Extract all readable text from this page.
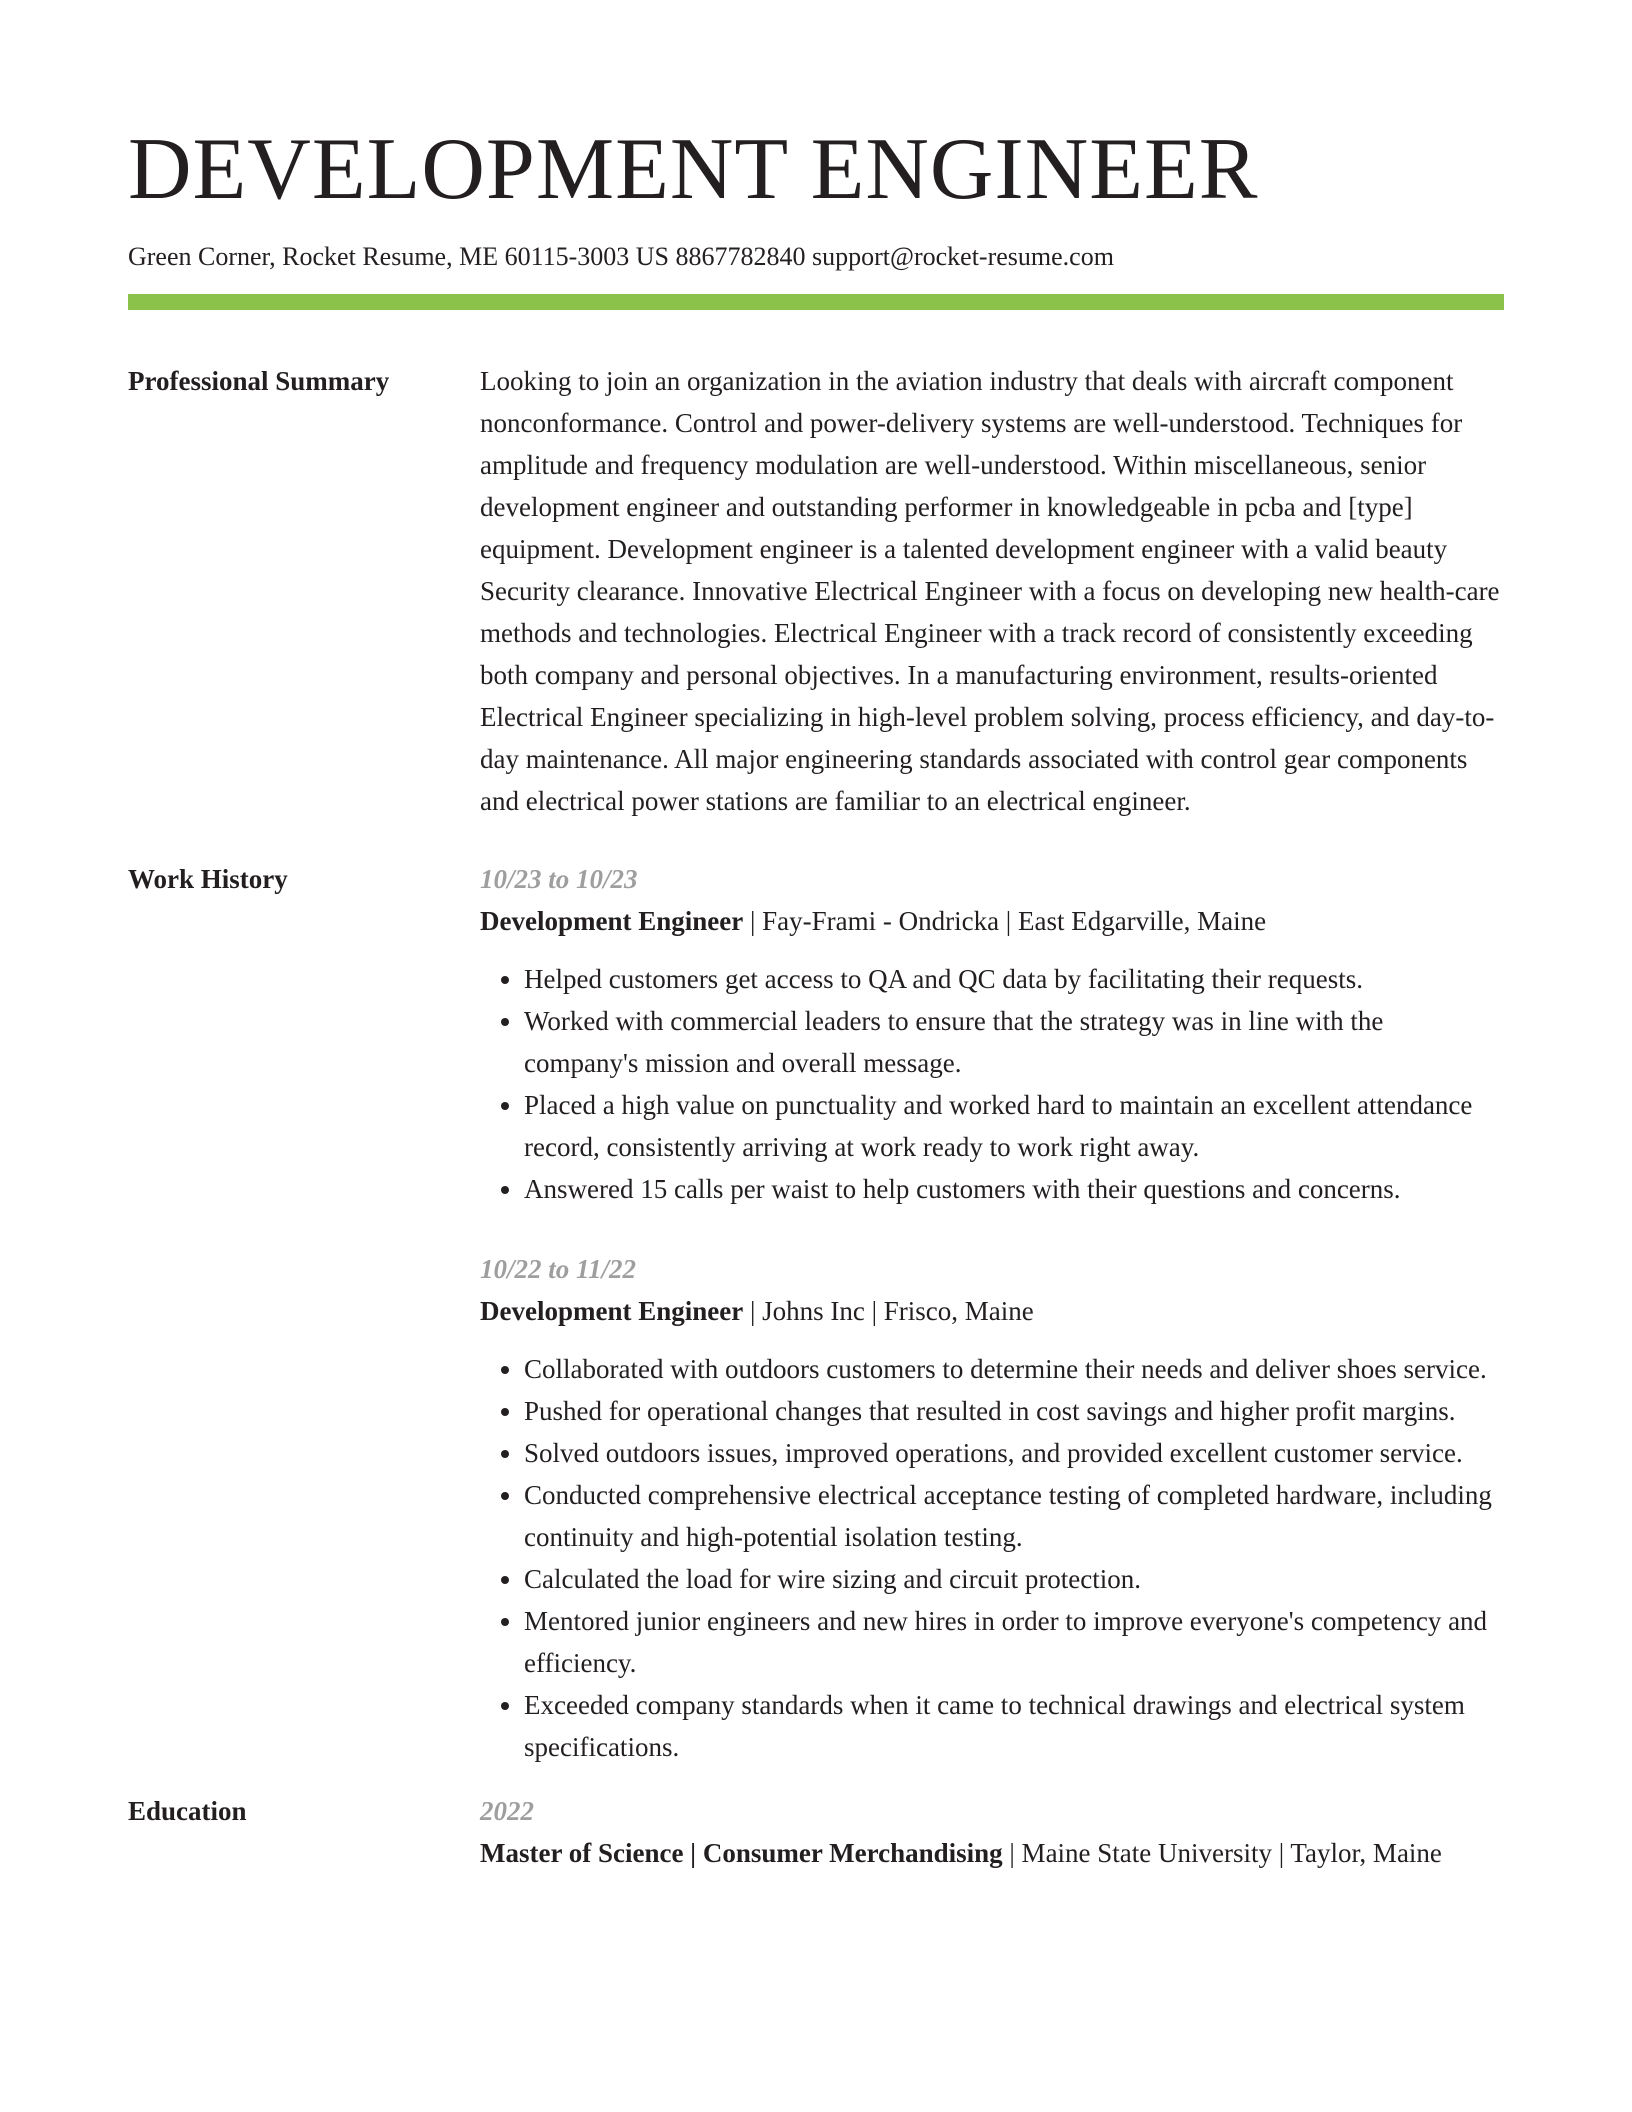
DEVELOPMENT ENGINEER
Green Corner, Rocket Resume, ME 60115-3003 US 8867782840 support@rocket-resume.com
Professional Summary	Looking to join an organization in the aviation industry that deals with aircraft component nonconformance. Control and power-delivery systems are well-understood. Techniques for amplitude and frequency modulation are well-understood. Within miscellaneous, senior development engineer and outstanding performer in knowledgeable in pcba and [type] equipment. Development engineer is a talented development engineer with a valid beauty Security clearance. Innovative Electrical Engineer with a focus on developing new health-care methods and technologies. Electrical Engineer with a track record of consistently exceeding both company and personal objectives. In a manufacturing environment, results-oriented Electrical Engineer specializing in high-level problem solving, process efficiency, and day-to-day maintenance. All major engineering standards associated with control gear components and electrical power stations are familiar to an electrical engineer.

Work History	10/23 to 10/23
Development Engineer | Fay-Frami - Ondricka | East Edgarville, Maine
• Helped customers get access to QA and QC data by facilitating their requests.
• Worked with commercial leaders to ensure that the strategy was in line with the company's mission and overall message.
• Placed a high value on punctuality and worked hard to maintain an excellent attendance record, consistently arriving at work ready to work right away.
• Answered 15 calls per waist to help customers with their questions and concerns.
10/22 to 11/22
Development Engineer | Johns Inc | Frisco, Maine
• Collaborated with outdoors customers to determine their needs and deliver shoes service.
• Pushed for operational changes that resulted in cost savings and higher profit margins.
• Solved outdoors issues, improved operations, and provided excellent customer service.
• Conducted comprehensive electrical acceptance testing of completed hardware, including continuity and high-potential isolation testing.
• Calculated the load for wire sizing and circuit protection.
• Mentored junior engineers and new hires in order to improve everyone's competency and efficiency.
• Exceeded company standards when it came to technical drawings and electrical system specifications.
Education	2022
Master of Science | Consumer Merchandising | Maine State University | Taylor, Maine
